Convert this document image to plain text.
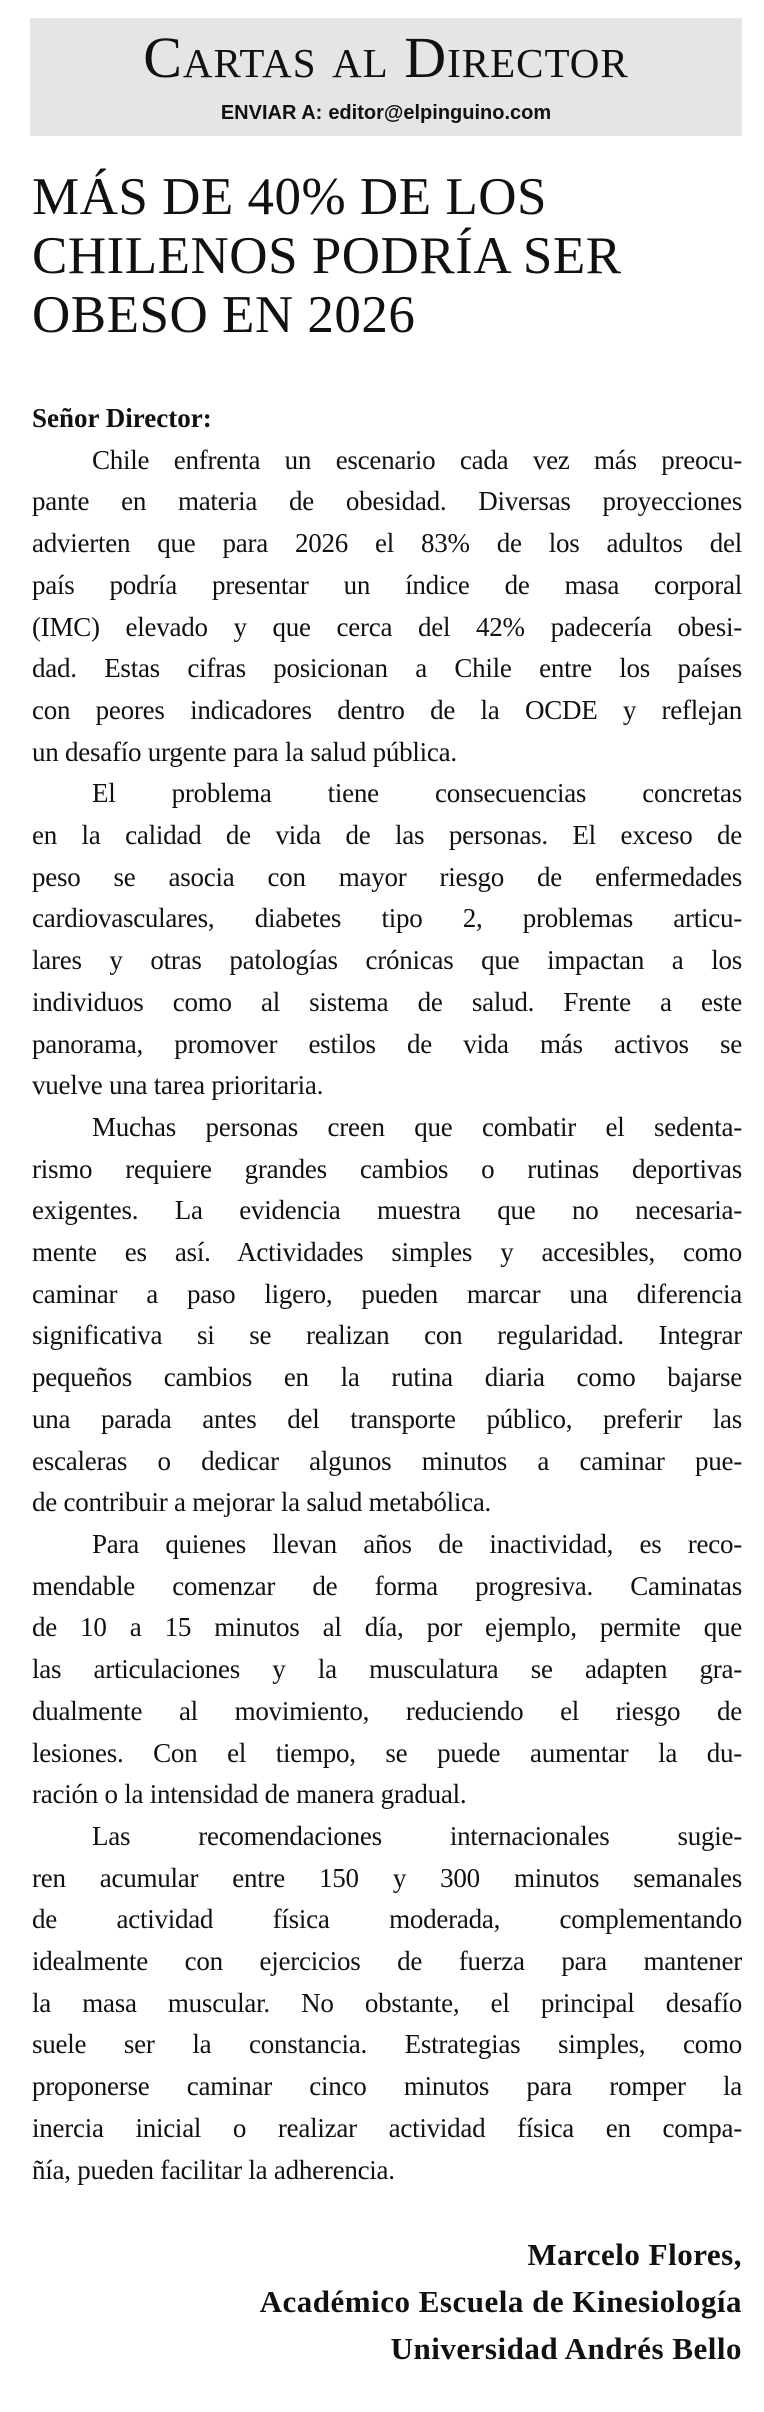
Cartas al Director
ENVIAR A: editor@elpinguino.com
MÁS DE 40% DE LOS
CHILENOS PODRÍA SER
OBESO EN 2026
Señor Director:
Chile enfrenta un escenario cada vez más preocu-
pante en materia de obesidad. Diversas proyecciones
advierten que para 2026 el 83% de los adultos del
país podría presentar un índice de masa corporal
(IMC) elevado y que cerca del 42% padecería obesi-
dad. Estas cifras posicionan a Chile entre los países
con peores indicadores dentro de la OCDE y reflejan
un desafío urgente para la salud pública.
El problema tiene consecuencias concretas
en la calidad de vida de las personas. El exceso de
peso se asocia con mayor riesgo de enfermedades
cardiovasculares, diabetes tipo 2, problemas articu-
lares y otras patologías crónicas que impactan a los
individuos como al sistema de salud. Frente a este
panorama, promover estilos de vida más activos se
vuelve una tarea prioritaria.
Muchas personas creen que combatir el sedenta-
rismo requiere grandes cambios o rutinas deportivas
exigentes. La evidencia muestra que no necesaria-
mente es así. Actividades simples y accesibles, como
caminar a paso ligero, pueden marcar una diferencia
significativa si se realizan con regularidad. Integrar
pequeños cambios en la rutina diaria como bajarse
una parada antes del transporte público, preferir las
escaleras o dedicar algunos minutos a caminar pue-
de contribuir a mejorar la salud metabólica.
Para quienes llevan años de inactividad, es reco-
mendable comenzar de forma progresiva. Caminatas
de 10 a 15 minutos al día, por ejemplo, permite que
las articulaciones y la musculatura se adapten gra-
dualmente al movimiento, reduciendo el riesgo de
lesiones. Con el tiempo, se puede aumentar la du-
ración o la intensidad de manera gradual.
Las recomendaciones internacionales sugie-
ren acumular entre 150 y 300 minutos semanales
de actividad física moderada, complementando
idealmente con ejercicios de fuerza para mantener
la masa muscular. No obstante, el principal desafío
suele ser la constancia. Estrategias simples, como
proponerse caminar cinco minutos para romper la
inercia inicial o realizar actividad física en compa-
ñía, pueden facilitar la adherencia.
Marcelo Flores,
Académico Escuela de Kinesiología
Universidad Andrés Bello
